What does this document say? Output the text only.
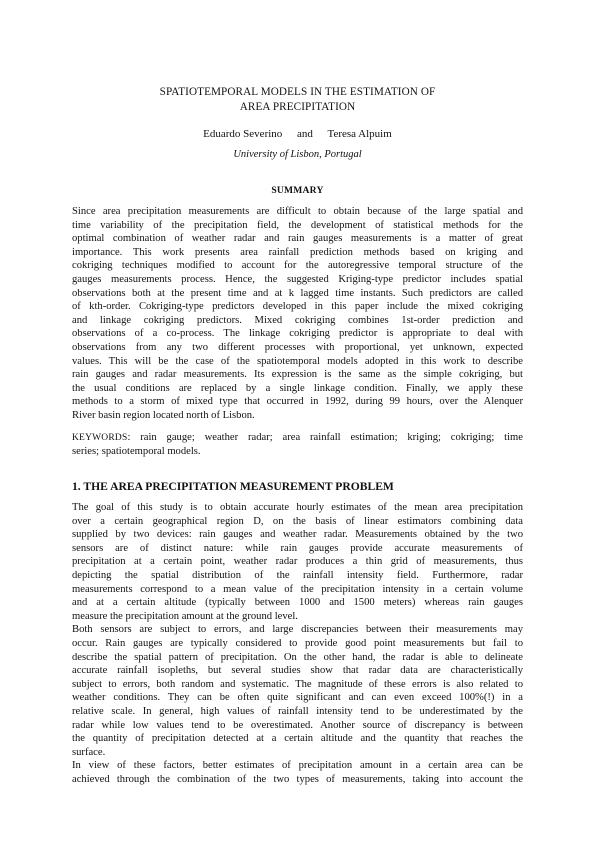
SPATIOTEMPORAL MODELS IN THE ESTIMATION OF
AREA PRECIPITATION
Eduardo Severino and Teresa Alpuim
University of Lisbon, Portugal
SUMMARY
Since area precipitation measurements are difficult to obtain because of the large spatial and
time variability of the precipitation field, the development of statistical methods for the
optimal combination of weather radar and rain gauges measurements is a matter of great
importance. This work presents area rainfall prediction methods based on kriging and
cokriging techniques modified to account for the autoregressive temporal structure of the
gauges measurements process. Hence, the suggested Kriging-type predictor includes spatial
observations both at the present time and at k lagged time instants. Such predictors are called
of kth-order. Cokriging-type predictors developed in this paper include the mixed cokriging
and linkage cokriging predictors. Mixed cokriging combines 1st-order prediction and
observations of a co-process. The linkage cokriging predictor is appropriate to deal with
observations from any two different processes with proportional, yet unknown, expected
values. This will be the case of the spatiotemporal models adopted in this work to describe
rain gauges and radar measurements. Its expression is the same as the simple cokriging, but
the usual conditions are replaced by a single linkage condition. Finally, we apply these
methods to a storm of mixed type that occurred in 1992, during 99 hours, over the Alenquer
River basin region located north of Lisbon.
KEYWORDS: rain gauge; weather radar; area rainfall estimation; kriging; cokriging; time
series; spatiotemporal models.
1. THE AREA PRECIPITATION MEASUREMENT PROBLEM
The goal of this study is to obtain accurate hourly estimates of the mean area precipitation
over a certain geographical region D, on the basis of linear estimators combining data
supplied by two devices: rain gauges and weather radar. Measurements obtained by the two
sensors are of distinct nature: while rain gauges provide accurate measurements of
precipitation at a certain point, weather radar produces a thin grid of measurements, thus
depicting the spatial distribution of the rainfall intensity field. Furthermore, radar
measurements correspond to a mean value of the precipitation intensity in a certain volume
and at a certain altitude (typically between 1000 and 1500 meters) whereas rain gauges
measure the precipitation amount at the ground level.
Both sensors are subject to errors, and large discrepancies between their measurements may
occur. Rain gauges are typically considered to provide good point measurements but fail to
describe the spatial pattern of precipitation. On the other hand, the radar is able to delineate
accurate rainfall isopleths, but several studies show that radar data are characteristically
subject to errors, both random and systematic. The magnitude of these errors is also related to
weather conditions. They can be often quite significant and can even exceed 100%(!) in a
relative scale. In general, high values of rainfall intensity tend to be underestimated by the
radar while low values tend to be overestimated. Another source of discrepancy is between
the quantity of precipitation detected at a certain altitude and the quantity that reaches the
surface.
In view of these factors, better estimates of precipitation amount in a certain area can be
achieved through the combination of the two types of measurements, taking into account the
